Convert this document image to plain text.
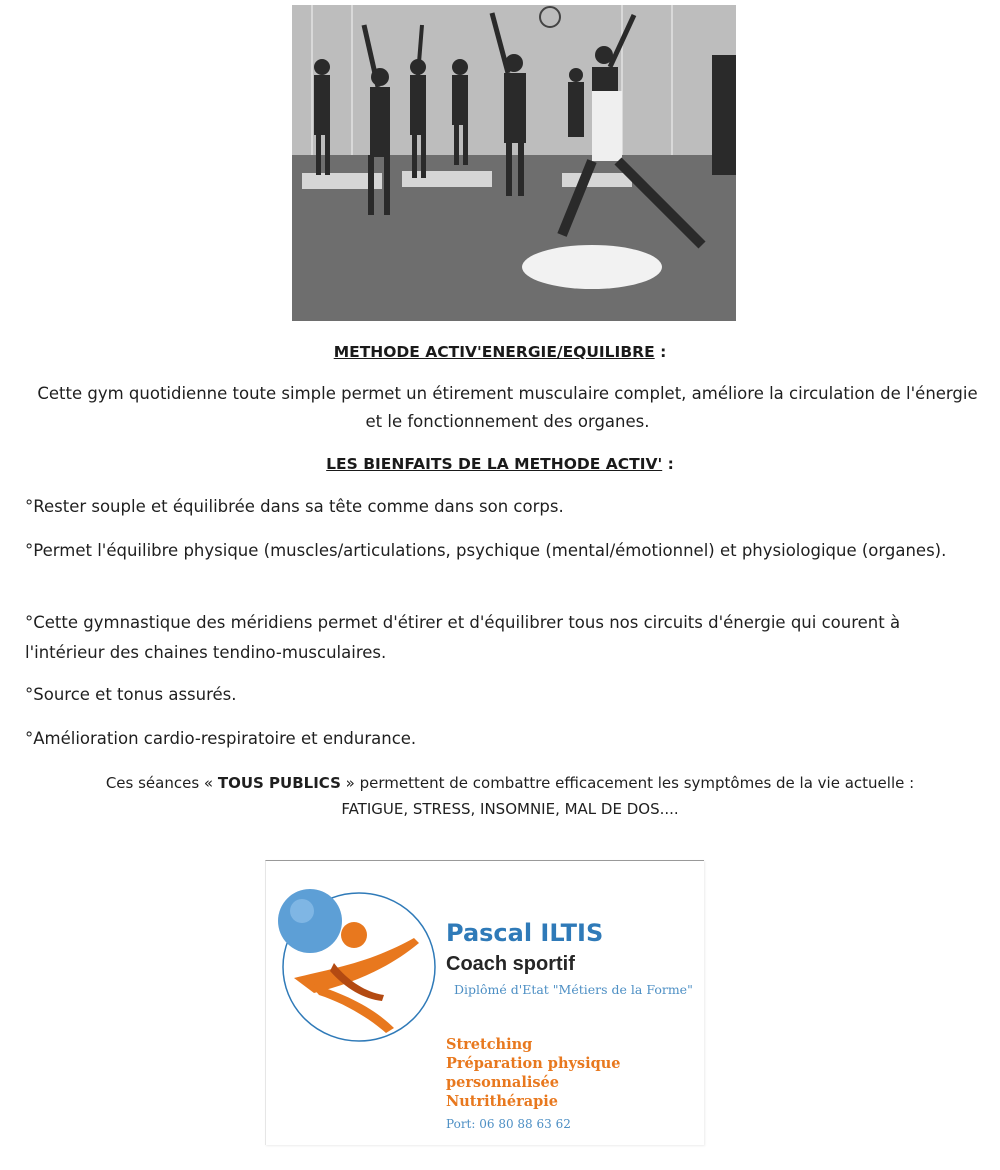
METHODE ACTIV'ENERGIE/EQUILIBRE :
Cette gym quotidienne toute simple permet un étirement musculaire complet, améliore la circulation de l'énergie et le fonctionnement des organes.
LES BIENFAITS DE LA METHODE ACTIV' :
°Rester souple et équilibrée dans sa tête comme dans son corps.
°Permet l'équilibre physique (muscles/articulations, psychique (mental/émotionnel) et physiologique (organes).
°Cette gymnastique des méridiens permet d'étirer et d'équilibrer tous nos circuits d'énergie qui courent à l'intérieur des chaines tendino-musculaires.
°Source et tonus assurés.
°Amélioration cardio-respiratoire et endurance.
Ces séances « TOUS PUBLICS » permettent de combattre efficacement les symptômes de la vie actuelle :
FATIGUE, STRESS, INSOMNIE, MAL DE DOS....
Pascal ILTIS
Coach sportif
Diplômé d'Etat "Métiers de la Forme"
Stretching
Préparation physique
personnalisée
Nutrithérapie
Port: 06 80 88 63 62
